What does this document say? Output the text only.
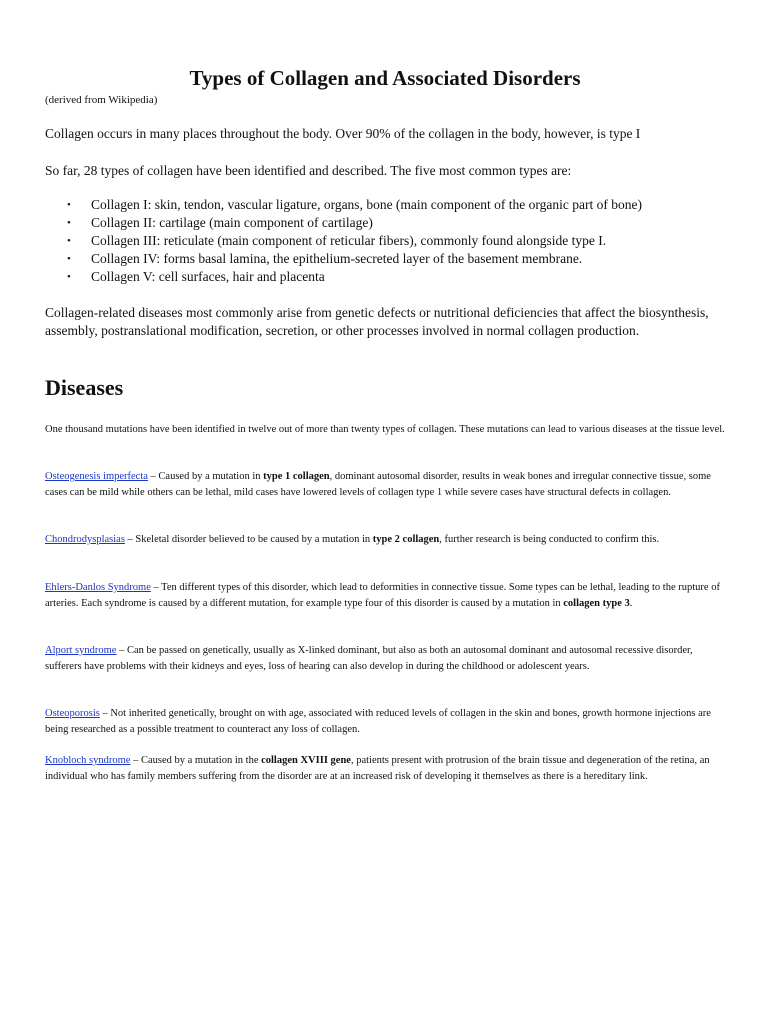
Types of Collagen and Associated Disorders

(derived from Wikipedia)

Collagen occurs in many places throughout the body. Over 90% of the collagen in the body, however, is type I

So far, 28 types of collagen have been identified and described. The five most common types are:

• Collagen I: skin, tendon, vascular ligature, organs, bone (main component of the organic part of bone)
• Collagen II: cartilage (main component of cartilage)
• Collagen III: reticulate (main component of reticular fibers), commonly found alongside type I.
• Collagen IV: forms basal lamina, the epithelium-secreted layer of the basement membrane.
• Collagen V: cell surfaces, hair and placenta

Collagen-related diseases most commonly arise from genetic defects or nutritional deficiencies that affect the biosynthesis, assembly, postranslational modification, secretion, or other processes involved in normal collagen production.

Diseases

One thousand mutations have been identified in twelve out of more than twenty types of collagen. These mutations can lead to various diseases at the tissue level.

Osteogenesis imperfecta – Caused by a mutation in type 1 collagen, dominant autosomal disorder, results in weak bones and irregular connective tissue, some cases can be mild while others can be lethal, mild cases have lowered levels of collagen type 1 while severe cases have structural defects in collagen.

Chondrodysplasias – Skeletal disorder believed to be caused by a mutation in type 2 collagen, further research is being conducted to confirm this.

Ehlers-Danlos Syndrome – Ten different types of this disorder, which lead to deformities in connective tissue. Some types can be lethal, leading to the rupture of arteries. Each syndrome is caused by a different mutation, for example type four of this disorder is caused by a mutation in collagen type 3.

Alport syndrome – Can be passed on genetically, usually as X-linked dominant, but also as both an autosomal dominant and autosomal recessive disorder, sufferers have problems with their kidneys and eyes, loss of hearing can also develop in during the childhood or adolescent years.

Osteoporosis – Not inherited genetically, brought on with age, associated with reduced levels of collagen in the skin and bones, growth hormone injections are being researched as a possible treatment to counteract any loss of collagen.

Knobloch syndrome – Caused by a mutation in the collagen XVIII gene, patients present with protrusion of the brain tissue and degeneration of the retina, an individual who has family members suffering from the disorder are at an increased risk of developing it themselves as there is a hereditary link.
